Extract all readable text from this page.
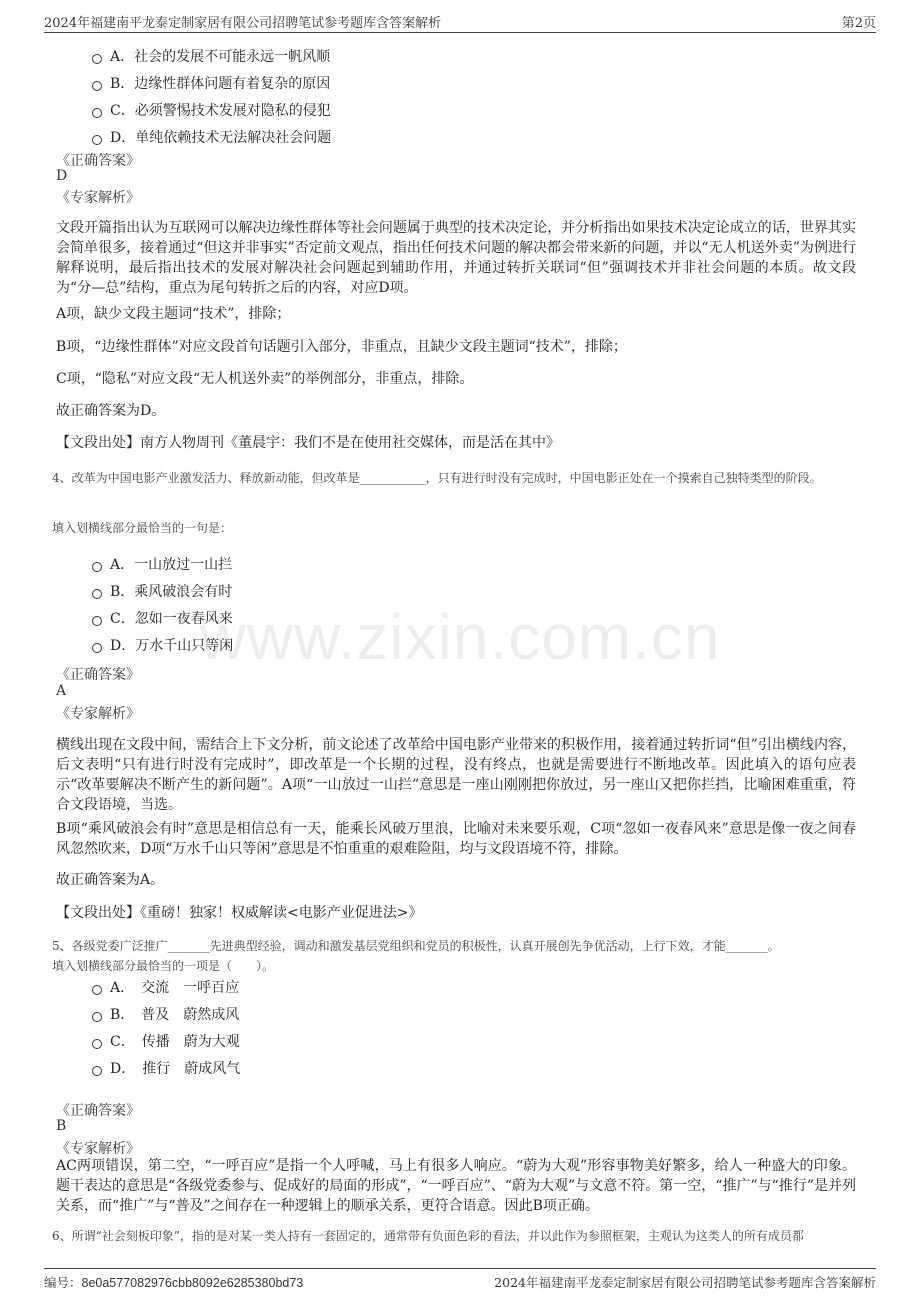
2024年福建南平龙泰定制家居有限公司招聘笔试参考题库含答案解析	第2页
www.zixin.com.cn
A．社会的发展不可能永远一帆风顺
B．边缘性群体问题有着复杂的原因
C．必须警惕技术发展对隐私的侵犯
D．单纯依赖技术无法解决社会问题
《正确答案》
D
《专家解析》
文段开篇指出认为互联网可以解决边缘性群体等社会问题属于典型的技术决定论，并分析指出如果技术决定论成立的话，世界其实会简单很多，接着通过“但这并非事实”否定前文观点，指出任何技术问题的解决都会带来新的问题，并以“无人机送外卖”为例进行解释说明，最后指出技术的发展对解决社会问题起到辅助作用，并通过转折关联词“但”强调技术并非社会问题的本质。故文段为“分—总”结构，重点为尾句转折之后的内容，对应D项。
A项，缺少文段主题词“技术”，排除；
B项，“边缘性群体”对应文段首句话题引入部分，非重点，且缺少文段主题词“技术”，排除；
C项，“隐私”对应文段“无人机送外卖”的举例部分，非重点，排除。
故正确答案为D。
【文段出处】南方人物周刊《董晨宇：我们不是在使用社交媒体，而是活在其中》
4、改革为中国电影产业激发活力、释放新动能，但改革是___________，只有进行时没有完成时，中国电影正处在一个摸索自己独特类型的阶段。
填入划横线部分最恰当的一句是：
A．一山放过一山拦
B．乘风破浪会有时
C．忽如一夜春风来
D．万水千山只等闲
《正确答案》
A
《专家解析》
横线出现在文段中间，需结合上下文分析，前文论述了改革给中国电影产业带来的积极作用，接着通过转折词“但”引出横线内容，后文表明“只有进行时没有完成时”，即改革是一个长期的过程，没有终点，也就是需要进行不断地改革。因此填入的语句应表示“改革要解决不断产生的新问题”。A项“一山放过一山拦”意思是一座山刚刚把你放过，另一座山又把你拦挡，比喻困难重重，符合文段语境，当选。
B项“乘风破浪会有时”意思是相信总有一天，能乘长风破万里浪，比喻对未来要乐观，C项“忽如一夜春风来”意思是像一夜之间春风忽然吹来，D项“万水千山只等闲”意思是不怕重重的艰难险阻，均与文段语境不符，排除。
故正确答案为A。
【文段出处】《重磅！独家！权威解读<电影产业促进法>》
5、各级党委广泛推广_______先进典型经验，调动和激发基层党组织和党员的积极性，认真开展创先争优活动，上行下效，才能_______。
填入划横线部分最恰当的一项是（　　）。
A．　交流　一呼百应
B．　普及　蔚然成风
C．　传播　蔚为大观
D．　推行　蔚成风气
《正确答案》
B
《专家解析》
AC两项错误，第二空，“一呼百应”是指一个人呼喊，马上有很多人响应。“蔚为大观”形容事物美好繁多，给人一种盛大的印象。题干表达的意思是“各级党委参与、促成好的局面的形成”，“一呼百应”、“蔚为大观”与文意不符。第一空，“推广”与“推行”是并列关系，而“推广”与“普及”之间存在一种逻辑上的顺承关系，更符合语意。因此B项正确。
6、所谓“社会刻板印象”，指的是对某一类人持有一套固定的，通常带有负面色彩的看法，并以此作为参照框架，主观认为这类人的所有成员都
编号：8e0a577082976cbb8092e6285380bd73	2024年福建南平龙泰定制家居有限公司招聘笔试参考题库含答案解析
